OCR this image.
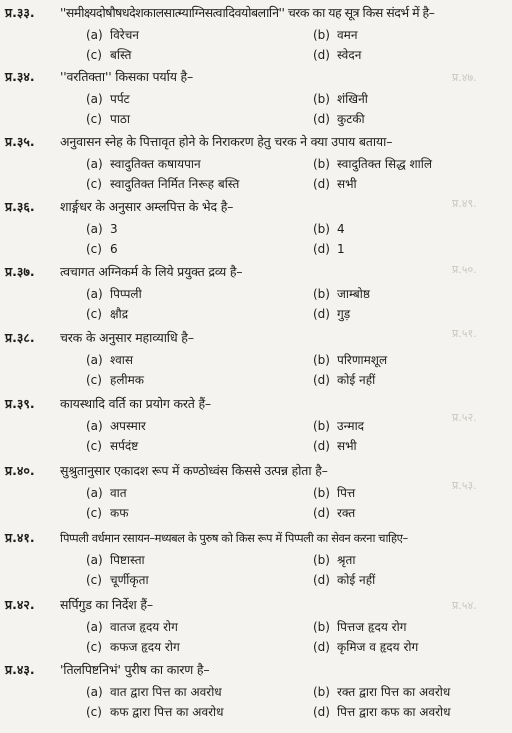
प्र.४७.
प्र.४९.
प्र.५०.
प्र.५१.
प्र.५२.
प्र.५३.
प्र.५४.
प्र.३३. ''समीक्ष्यदोषौषधदेशकालसात्म्याग्निसत्वादिवयोबलानि'' चरक का यह सूत्र किस संदर्भ में है–
(a) विरेचन	(b) वमन
(c) बस्ति	(d) स्वेदन
प्र.३४. ''वरतिक्ता'' किसका पर्याय है–
(a) पर्पट	(b) शंखिनी
(c) पाठा	(d) कुटकी
प्र.३५. अनुवासन स्नेह के पित्तावृत होने के निराकरण हेतु चरक ने क्या उपाय बताया–
(a) स्वादुतिक्त कषायपान	(b) स्वादुतिक्त सिद्ध शालि
(c) स्वादुतिक्त निर्मित निरूह बस्ति	(d) सभी
प्र.३६. शार्ङ्गधर के अनुसार अम्लपित्त के भेद है–
(a) 3	(b) 4
(c) 6	(d) 1
प्र.३७. त्वचागत अग्निकर्म के लिये प्रयुक्त द्रव्य है–
(a) पिप्पली	(b) जाम्बोष्ठ
(c) क्षौद्र	(d) गुड़
प्र.३८. चरक के अनुसार महाव्याधि है–
(a) श्वास	(b) परिणामशूल
(c) हलीमक	(d) कोई नहीं
प्र.३९. कायस्थादि वर्ति का प्रयोग करते हैं–
(a) अपस्मार	(b) उन्माद
(c) सर्पदंष्ट	(d) सभी
प्र.४०. सुश्रुतानुसार एकादश रूप में कण्ठोध्वंस किससे उत्पन्न होता है–
(a) वात	(b) पित्त
(c) कफ	(d) रक्त
प्र.४१. पिप्पली वर्धमान रसायन–मध्यबल के पुरुष को किस रूप में पिप्पली का सेवन करना चाहिए–
(a) पिष्टास्ता	(b) श्रृता
(c) चूर्णीकृता	(d) कोई नहीं
प्र.४२. सर्पिगुड का निर्देश हैं–
(a) वातज हृदय रोग	(b) पित्तज हृदय रोग
(c) कफज हृदय रोग	(d) कृमिज व हृदय रोग
प्र.४३. 'तिलपिष्टनिभं' पुरीष का कारण है–
(a) वात द्वारा पित्त का अवरोध	(b) रक्त द्वारा पित्त का अवरोध
(c) कफ द्वारा पित्त का अवरोध	(d) पित्त द्वारा कफ का अवरोध
